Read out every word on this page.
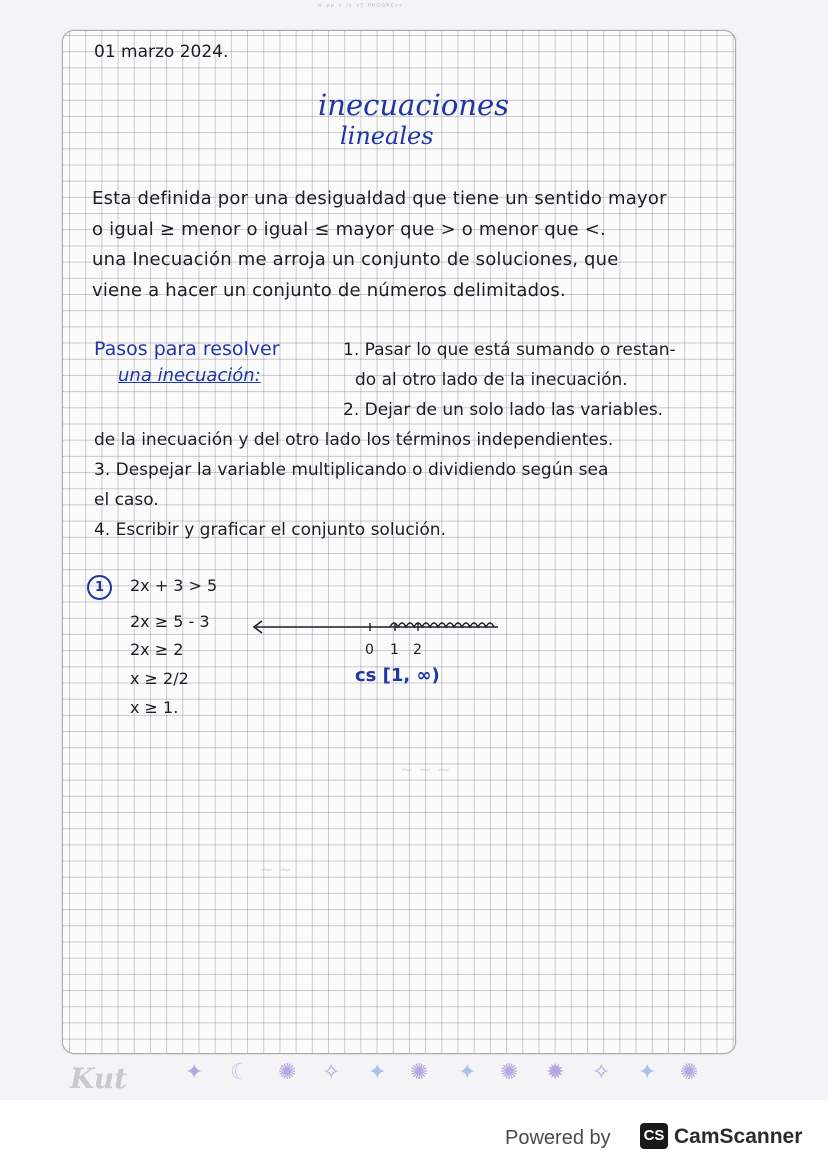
ᴺ ᵖᵖ ˢ ᴵˢ ˢᵀ ᴾᴿᴼᴳᴿᴱˢˢ
01 marzo 2024.
inecuaciones
lineales
Esta definida por una desigualdad que tiene un sentido mayor
o igual ≥ menor o igual ≤ mayor que > o menor que <.
una Inecuación me arroja un conjunto de soluciones, que
viene a hacer un conjunto de números delimitados.
Pasos para resolver
una inecuación:
1. Pasar lo que está sumando o restan-
do al otro lado de la inecuación.
2. Dejar de un solo lado las variables.
de la inecuación y del otro lado los términos independientes.
3. Despejar la variable multiplicando o dividiendo según sea
el caso.
4. Escribir y graficar el conjunto solución.
1	2x + 3 > 5
2x ≥ 5 - 3
2x ≥ 2
x ≥ 2/2
x ≥ 1.
0 1 2
cs [1, ∞)
~ ~ ~
~ ~
Kut	✦ ☾ ✺ ✧ ✦ ✺ ✦ ✺ ✹ ✧ ✦ ✺
Powered by CS CamScanner
